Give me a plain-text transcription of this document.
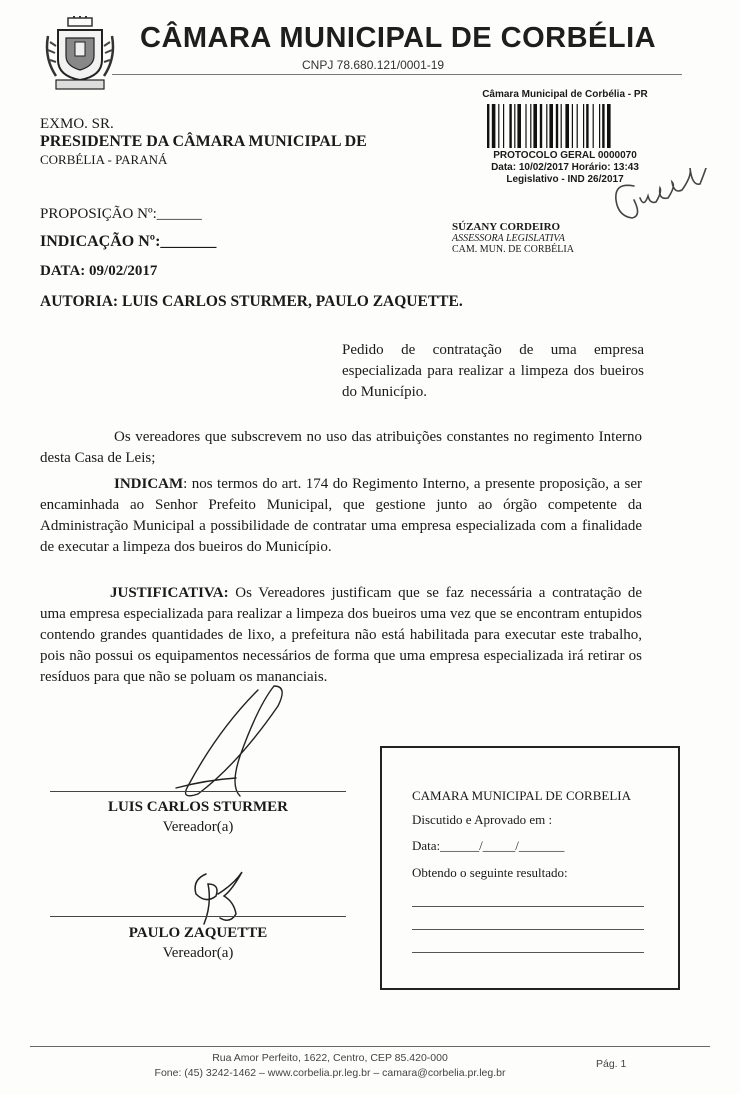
CÂMARA MUNICIPAL DE CORBÉLIA
CNPJ 78.680.121/0001-19
Câmara Municipal de Corbélia - PR
PROTOCOLO GERAL 0000070
Data: 10/02/2017 Horário: 13:43
Legislativo - IND 26/2017
EXMO. SR.
PRESIDENTE DA CÂMARA MUNICIPAL DE
CORBÉLIA - PARANÁ
PROPOSIÇÃO Nº:______
INDICAÇÃO Nº:_______
DATA: 09/02/2017
AUTORIA: LUIS CARLOS STURMER, PAULO ZAQUETTE.
SÚZANY CORDEIRO
ASSESSORA LEGISLATIVA
CAM. MUN. DE CORBÉLIA
Pedido de contratação de uma empresa especializada para realizar a limpeza dos bueiros do Município.
Os vereadores que subscrevem no uso das atribuições constantes no regimento Interno desta Casa de Leis;
INDICAM: nos termos do art. 174 do Regimento Interno, a presente proposição, a ser encaminhada ao Senhor Prefeito Municipal, que gestione junto ao órgão competente da Administração Municipal a possibilidade de contratar uma empresa especializada com a finalidade de executar a limpeza dos bueiros do Município.
JUSTIFICATIVA: Os Vereadores justificam que se faz necessária a contratação de uma empresa especializada para realizar a limpeza dos bueiros uma vez que se encontram entupidos contendo grandes quantidades de lixo, a prefeitura não está habilitada para executar este trabalho, pois não possui os equipamentos necessários de forma que uma empresa especializada irá retirar os resíduos para que não se poluam os mananciais.
LUIS CARLOS STURMER
Vereador(a)
PAULO ZAQUETTE
Vereador(a)
CAMARA MUNICIPAL DE CORBELIA
Discutido e Aprovado em :
Data:______/_____/_______
Obtendo o seguinte resultado:
Rua Amor Perfeito, 1622, Centro, CEP 85.420-000
Fone: (45) 3242-1462 – www.corbelia.pr.leg.br – camara@corbelia.pr.leg.br
Pág. 1
